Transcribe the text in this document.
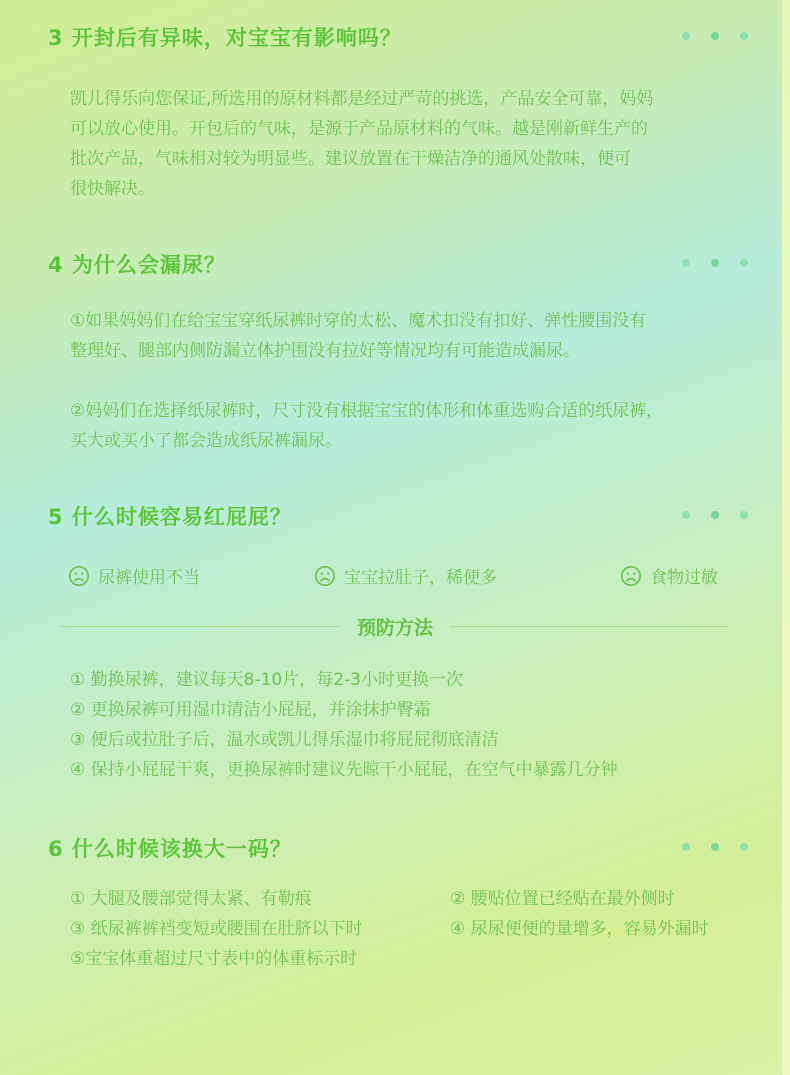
3 开封后有异味，对宝宝有影响吗？
凯儿得乐向您保证,所选用的原材料都是经过严苛的挑选，产品安全可靠，妈妈
可以放心使用。开包后的气味，是源于产品原材料的气味。越是刚新鲜生产的
批次产品，气味相对较为明显些。建议放置在干燥洁净的通风处散味，便可
很快解决。
4 为什么会漏尿？
①如果妈妈们在给宝宝穿纸尿裤时穿的太松、魔术扣没有扣好、弹性腰围没有
整理好、腿部内侧防漏立体护围没有拉好等情况均有可能造成漏尿。
②妈妈们在选择纸尿裤时，尺寸没有根据宝宝的体形和体重选购合适的纸尿裤，
买大或买小了都会造成纸尿裤漏尿。
5 什么时候容易红屁屁？
尿裤使用不当	宝宝拉肚子，稀便多	食物过敏
预防方法
① 勤换尿裤，建议每天8-10片，每2-3小时更换一次
② 更换尿裤可用湿巾清洁小屁屁，并涂抹护臀霜
③ 便后或拉肚子后，温水或凯儿得乐湿巾将屁屁彻底清洁
④ 保持小屁屁干爽，更换尿裤时建议先晾干小屁屁，在空气中暴露几分钟
6 什么时候该换大一码？
① 大腿及腰部觉得太紧、有勒痕
③ 纸尿裤裤裆变短或腰围在肚脐以下时
⑤宝宝体重超过尺寸表中的体重标示时
② 腰贴位置已经贴在最外侧时
④ 尿尿便便的量增多，容易外漏时
